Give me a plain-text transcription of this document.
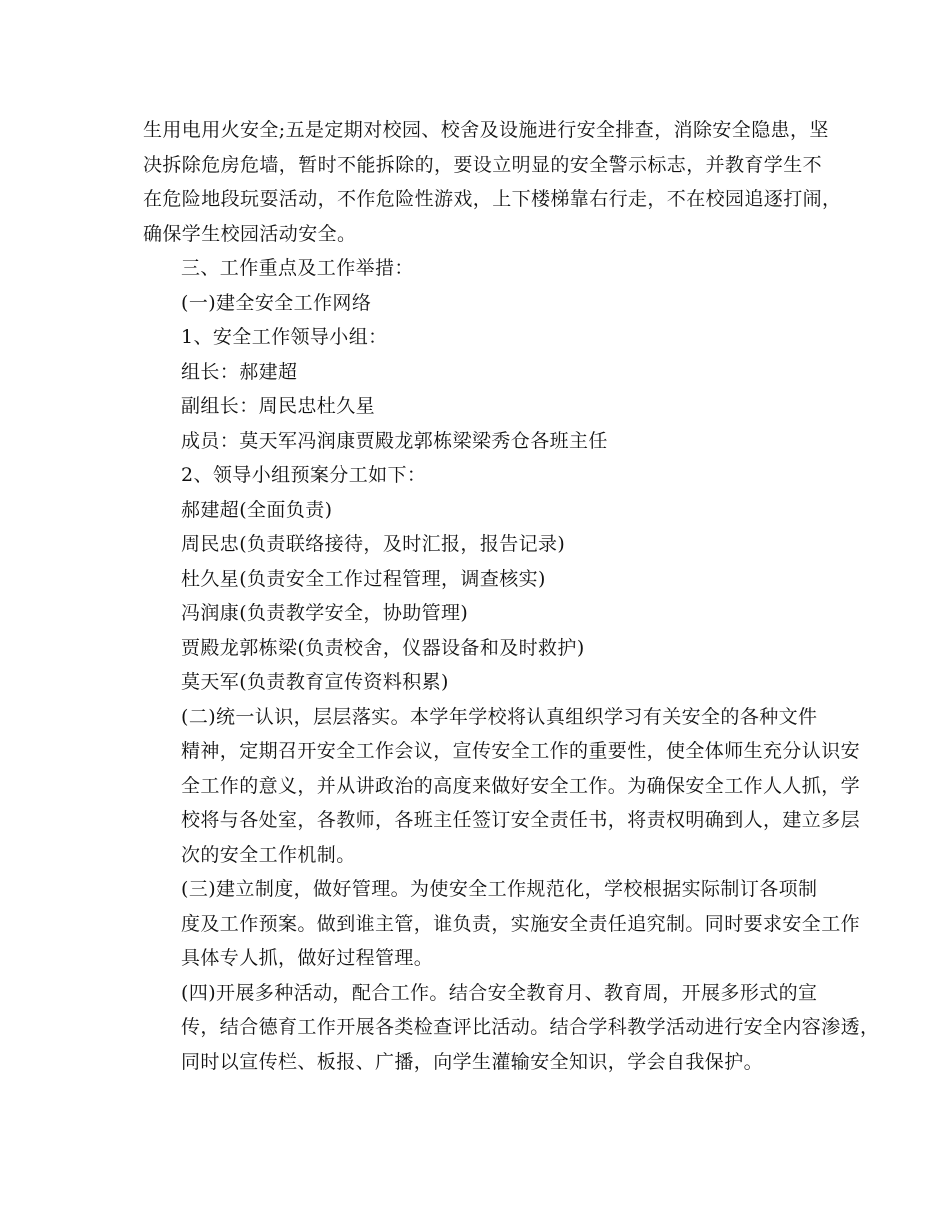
生用电用火安全;五是定期对校园、校舍及设施进行安全排查，消除安全隐患，坚
决拆除危房危墙，暂时不能拆除的，要设立明显的安全警示标志，并教育学生不
在危险地段玩耍活动，不作危险性游戏，上下楼梯靠右行走，不在校园追逐打闹，
确保学生校园活动安全。
三、工作重点及工作举措：
(一)建全安全工作网络
1、安全工作领导小组：
组长：郝建超
副组长：周民忠杜久星
成员：莫天军冯润康贾殿龙郭栋梁梁秀仓各班主任
2、领导小组预案分工如下：
郝建超(全面负责)
周民忠(负责联络接待，及时汇报，报告记录)
杜久星(负责安全工作过程管理，调查核实)
冯润康(负责教学安全，协助管理)
贾殿龙郭栋梁(负责校舍，仪器设备和及时救护)
莫天军(负责教育宣传资料积累)
(二)统一认识，层层落实。本学年学校将认真组织学习有关安全的各种文件
精神，定期召开安全工作会议，宣传安全工作的重要性，使全体师生充分认识安
全工作的意义，并从讲政治的高度来做好安全工作。为确保安全工作人人抓，学
校将与各处室，各教师，各班主任签订安全责任书，将责权明确到人，建立多层
次的安全工作机制。
(三)建立制度，做好管理。为使安全工作规范化，学校根据实际制订各项制
度及工作预案。做到谁主管，谁负责，实施安全责任追究制。同时要求安全工作
具体专人抓，做好过程管理。
(四)开展多种活动，配合工作。结合安全教育月、教育周，开展多形式的宣
传，结合德育工作开展各类检查评比活动。结合学科教学活动进行安全内容渗透，
同时以宣传栏、板报、广播，向学生灌输安全知识，学会自我保护。
